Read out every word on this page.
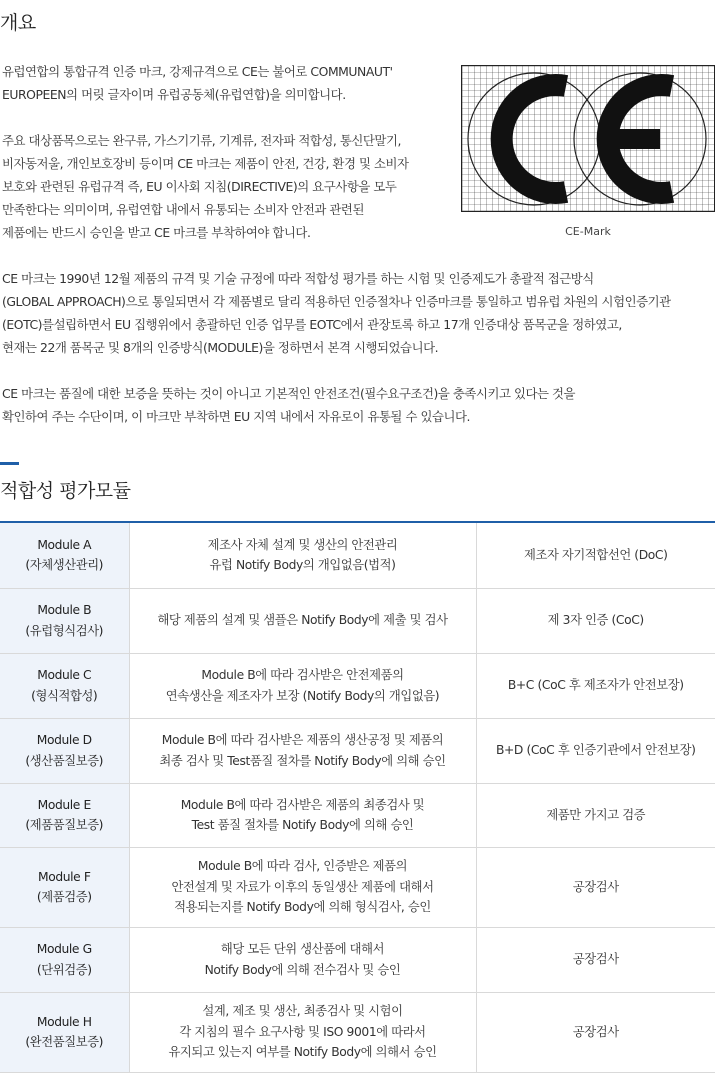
개요
유럽연합의 통합규격 인증 마크, 강제규격으로 CE는 불어로 COMMUNAUT'
EUROPEEN의 머릿 글자이며 유럽공동체(유럽연합)을 의미합니다.
주요 대상품목으로는 완구류, 가스기기류, 기계류, 전자파 적합성, 통신단말기,
비자동저울, 개인보호장비 등이며 CE 마크는 제품이 안전, 건강, 환경 및 소비자
보호와 관련된 유럽규격 즉, EU 이사회 지침(DIRECTIVE)의 요구사항을 모두
만족한다는 의미이며, 유럽연합 내에서 유통되는 소비자 안전과 관련된
제품에는 반드시 승인을 받고 CE 마크를 부착하여야 합니다.	CE-Mark
CE 마크는 1990년 12월 제품의 규격 및 기술 규정에 따라 적합성 평가를 하는 시험 및 인증제도가 총괄적 접근방식
(GLOBAL APPROACH)으로 통일되면서 각 제품별로 달리 적용하던 인증절차나 인증마크를 통일하고 범유럽 차원의 시험인증기관
(EOTC)를설립하면서 EU 집행위에서 총괄하던 인증 업무를 EOTC에서 관장토록 하고 17개 인증대상 품목군을 정하였고,
현재는 22개 품목군 및 8개의 인증방식(MODULE)을 정하면서 본격 시행되었습니다.
CE 마크는 품질에 대한 보증을 뜻하는 것이 아니고 기본적인 안전조건(필수요구조건)을 충족시키고 있다는 것을
확인하여 주는 수단이며, 이 마크만 부착하면 EU 지역 내에서 자유로이 유통될 수 있습니다.
적합성 평가모듈
Module A
(자체생산관리)	제조사 자체 설계 및 생산의 안전관리
유럽 Notify Body의 개입없음(법적)	제조자 자기적합선언 (DoC)

Module B
(유럽형식검사)	해당 제품의 설계 및 샘플은 Notify Body에 제출 및 검사	제 3자 인증 (CoC)

Module C
(형식적합성)	Module B에 따라 검사받은 안전제품의
연속생산을 제조자가 보장 (Notify Body의 개입없음)	B+C (CoC 후 제조자가 안전보장)

Module D
(생산품질보증)	Module B에 따라 검사받은 제품의 생산공정 및 제품의
최종 검사 및 Test품질 절차를 Notify Body에 의해 승인	B+D (CoC 후 인증기관에서 안전보장)

Module E
(제품품질보증)	Module B에 따라 검사받은 제품의 최종검사 및
Test 품질 절차를 Notify Body에 의해 승인	제품만 가지고 검증

Module F
(제품검증)	Module B에 따라 검사, 인증받은 제품의
안전설계 및 자료가 이후의 동일생산 제품에 대해서
적용되는지를 Notify Body에 의해 형식검사, 승인	공장검사

Module G
(단위검증)	해당 모든 단위 생산품에 대해서
Notify Body에 의해 전수검사 및 승인	공장검사

Module H
(완전품질보증)	설계, 제조 및 생산, 최종검사 및 시험이
각 지침의 필수 요구사항 및 ISO 9001에 따라서
유지되고 있는지 여부를 Notify Body에 의해서 승인	공장검사
